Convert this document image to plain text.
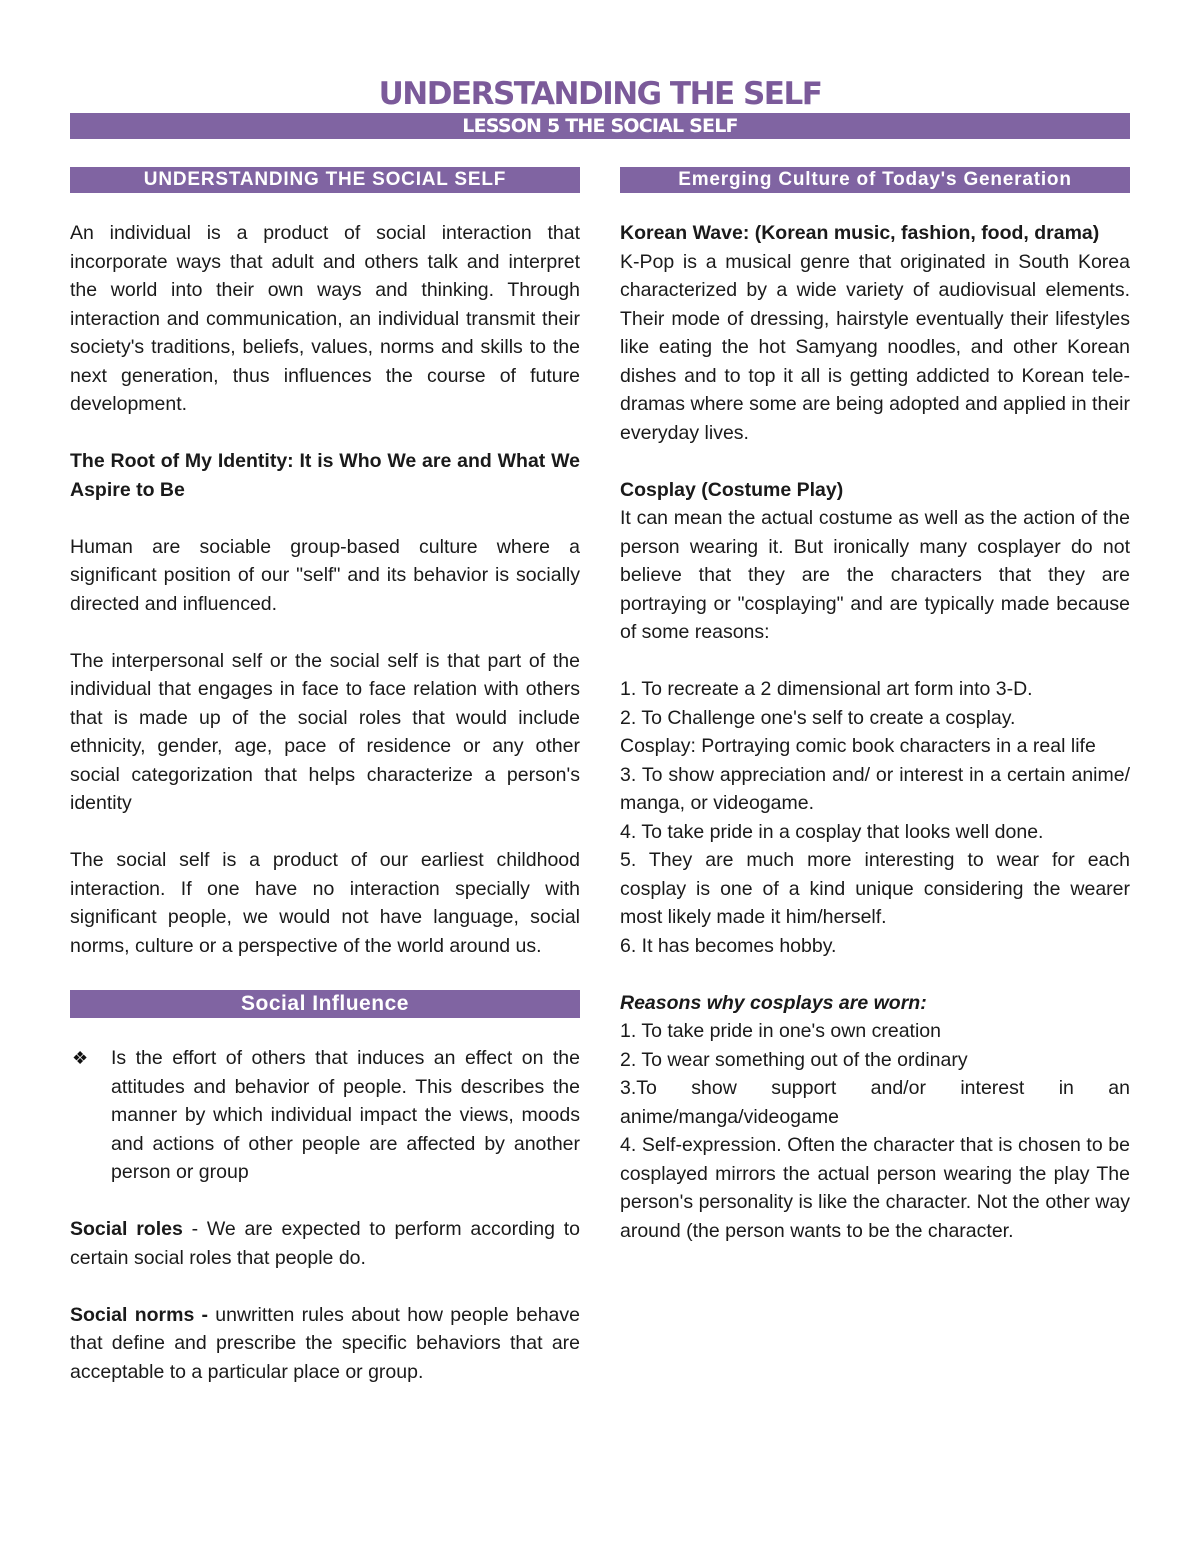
UNDERSTANDING THE SELF
LESSON 5 THE SOCIAL SELF
UNDERSTANDING THE SOCIAL SELF

An individual is a product of social interaction that incorporate ways that adult and others talk and interpret the world into their own ways and thinking. Through interaction and communication, an individual transmit their society's traditions, beliefs, values, norms and skills to the next generation, thus influences the course of future development.

The Root of My Identity: It is Who We are and What We Aspire to Be

Human are sociable group-based culture where a significant position of our "self" and its behavior is socially directed and influenced.

The interpersonal self or the social self is that part of the individual that engages in face to face relation with others that is made up of the social roles that would include ethnicity, gender, age, pace of residence or any other social categorization that helps characterize a person's identity

The social self is a product of our earliest childhood interaction. If one have no interaction specially with significant people, we would not have language, social norms, culture or a perspective of the world around us.

Social Influence
❖ Is the effort of others that induces an effect on the attitudes and behavior of people. This describes the manner by which individual impact the views, moods and actions of other people are affected by another person or group

Social roles - We are expected to perform according to certain social roles that people do.

Social norms - unwritten rules about how people behave that define and prescribe the specific behaviors that are acceptable to a particular place or group.

Emerging Culture of Today's Generation

Korean Wave: (Korean music, fashion, food, drama)

K-Pop is a musical genre that originated in South Korea characterized by a wide variety of audiovisual elements. Their mode of dressing, hairstyle eventually their lifestyles like eating the hot Samyang noodles, and other Korean dishes and to top it all is getting addicted to Korean tele-dramas where some are being adopted and applied in their everyday lives.

Cosplay (Costume Play)

It can mean the actual costume as well as the action of the person wearing it. But ironically many cosplayer do not believe that they are the characters that they are portraying or "cosplaying" and are typically made because of some reasons:

1. To recreate a 2 dimensional art form into 3-D.

2. To Challenge one's self to create a cosplay.

Cosplay: Portraying comic book characters in a real life

3. To show appreciation and/ or interest in a certain anime/ manga, or videogame.

4. To take pride in a cosplay that looks well done.

5. They are much more interesting to wear for each cosplay is one of a kind unique considering the wearer most likely made it him/herself.

6. It has becomes hobby.

Reasons why cosplays are worn:

1. To take pride in one's own creation

2. To wear something out of the ordinary

3.To show support and/or interest in an anime/manga/videogame

4. Self-expression. Often the character that is chosen to be cosplayed mirrors the actual person wearing the play The person's personality is like the character. Not the other way around (the person wants to be the character.
